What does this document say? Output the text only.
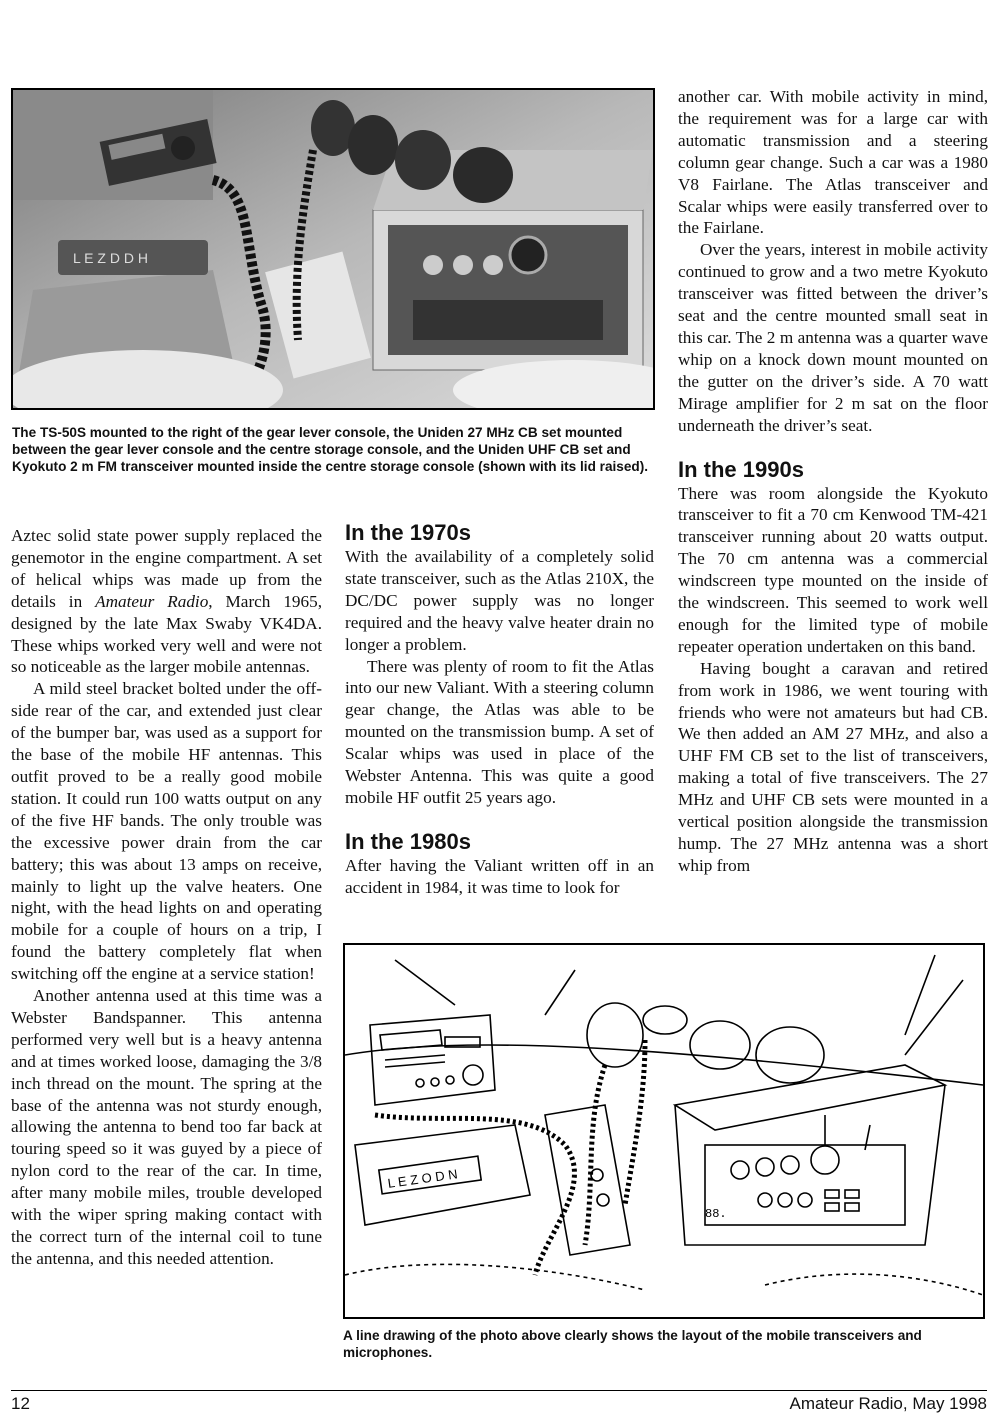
L E Z D D H
The TS-50S mounted to the right of the gear lever console, the Uniden 27 MHz CB set mounted between the gear lever console and the centre storage console, and the Uniden UHF CB set and Kyokuto 2 m FM transceiver mounted inside the centre storage console (shown with its lid raised).

another car. With mobile activity in mind, the requirement was for a large car with automatic transmission and a steering column gear change. Such a car was a 1980 V8 Fairlane. The Atlas transceiver and Scalar whips were easily transferred over to the Fairlane.

Over the years, interest in mobile activity continued to grow and a two metre Kyokuto transceiver was fitted between the driver’s seat and the centre mounted small seat in this car. The 2 m antenna was a quarter wave whip on a knock down mount mounted on the gutter on the driver’s side. A 70 watt Mirage amplifier for 2 m sat on the floor underneath the driver’s seat.

In the 1990s

There was room alongside the Kyokuto transceiver to fit a 70 cm Kenwood TM-421 transceiver running about 20 watts output. The 70 cm antenna was a commercial windscreen type mounted on the inside of the windscreen. This seemed to work well enough for the limited type of mobile repeater operation undertaken on this band.

Having bought a caravan and retired from work in 1986, we went touring with friends who were not amateurs but had CB. We then added an AM 27 MHz, and also a UHF FM CB set to the list of transceivers, making a total of five transceivers. The 27 MHz and UHF CB sets were mounted in a vertical position alongside the transmission hump. The 27 MHz antenna was a short whip from

Aztec solid state power supply replaced the genemotor in the engine compartment. A set of helical whips was made up from the details in Amateur Radio, March 1965, designed by the late Max Swaby VK4DA. These whips worked very well and were not so noticeable as the larger mobile antennas.

A mild steel bracket bolted under the off-side rear of the car, and extended just clear of the bumper bar, was used as a support for the base of the mobile HF antennas. This outfit proved to be a really good mobile station. It could run 100 watts output on any of the five HF bands. The only trouble was the excessive power drain from the car battery; this was about 13 amps on receive, mainly to light up the valve heaters. One night, with the head lights on and operating mobile for a couple of hours on a trip, I found the battery completely flat when switching off the engine at a service station!

Another antenna used at this time was a Webster Bandspanner. This antenna performed very well but is a heavy antenna and at times worked loose, damaging the 3/8 inch thread on the mount. The spring at the base of the antenna was not sturdy enough, allowing the antenna to bend too far back at touring speed so it was guyed by a piece of nylon cord to the rear of the car. In time, after many mobile miles, trouble developed with the wiper spring making contact with the correct turn of the internal coil to tune the antenna, and this needed attention.

In the 1970s

With the availability of a completely solid state transceiver, such as the Atlas 210X, the DC/DC power supply was no longer required and the heavy valve heater drain no longer a problem.

There was plenty of room to fit the Atlas into our new Valiant. With a steering column gear change, the Atlas was able to be mounted on the transmission bump. A set of Scalar whips was used in place of the Webster Antenna. This was quite a good mobile HF outfit 25 years ago.

In the 1980s

After having the Valiant written off in an accident in 1984, it was time to look for

L E Z O D N
88.
A line drawing of the photo above clearly shows the layout of the mobile transceivers and microphones.
12	Amateur Radio, May 1998
